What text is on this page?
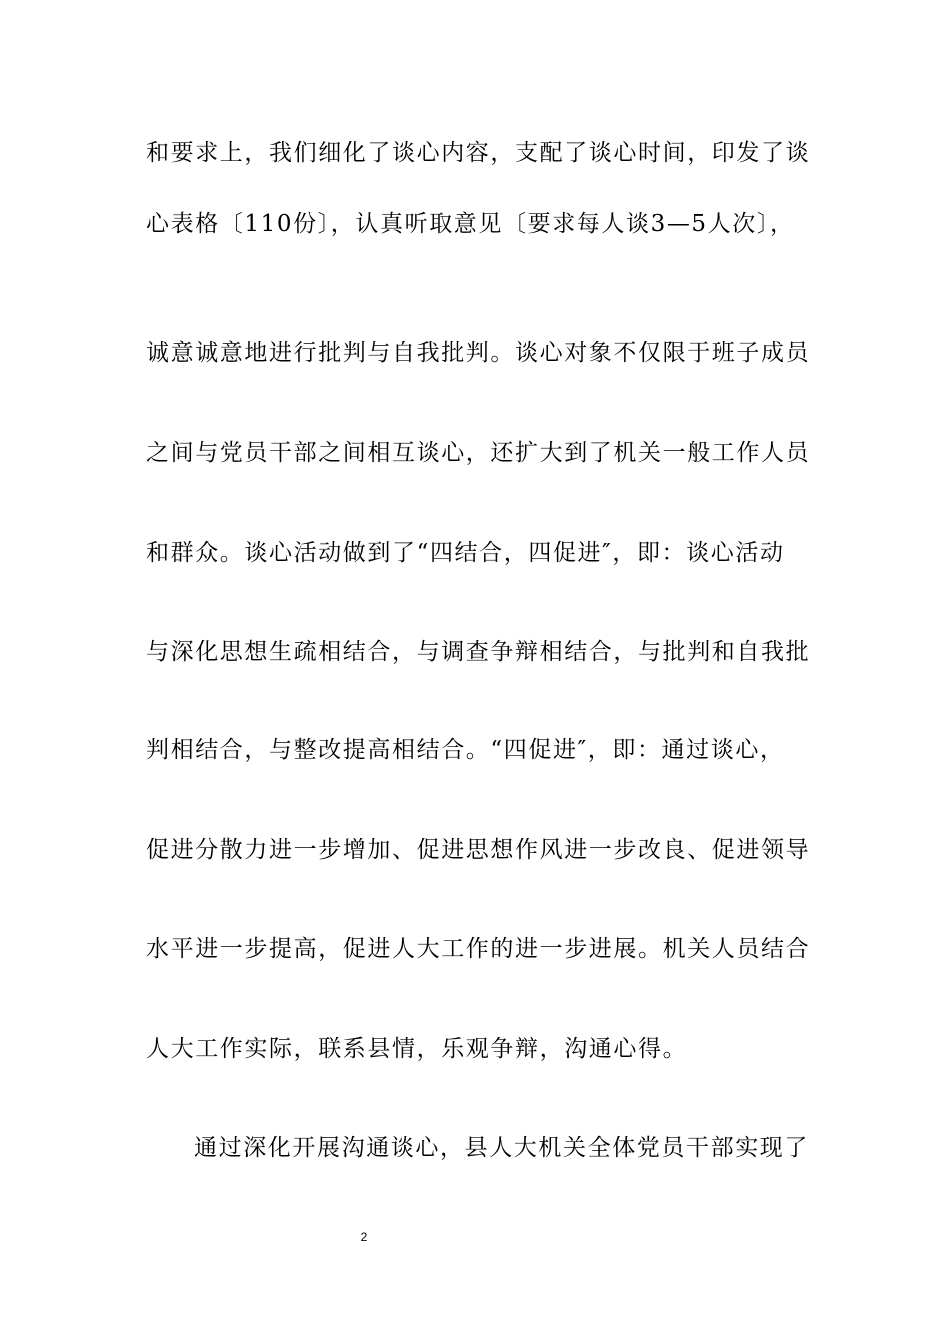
和要求上，我们细化了谈心内容，支配了谈心时间，印发了谈

心表格〔110份〕，认真听取意见〔要求每人谈3—5人次〕，

诚意诚意地进行批判与自我批判。谈心对象不仅限于班子成员

之间与党员干部之间相互谈心，还扩大到了机关一般工作人员

和群众。谈心活动做到了“四结合，四促进″，即：谈心活动

与深化思想生疏相结合，与调查争辩相结合，与批判和自我批

判相结合，与整改提高相结合。“四促进″，即：通过谈心，

促进分散力进一步增加、促进思想作风进一步改良、促进领导

水平进一步提高，促进人大工作的进一步进展。机关人员结合

人大工作实际，联系县情，乐观争辩，沟通心得。

通过深化开展沟通谈心，县人大机关全体党员干部实现了

2
